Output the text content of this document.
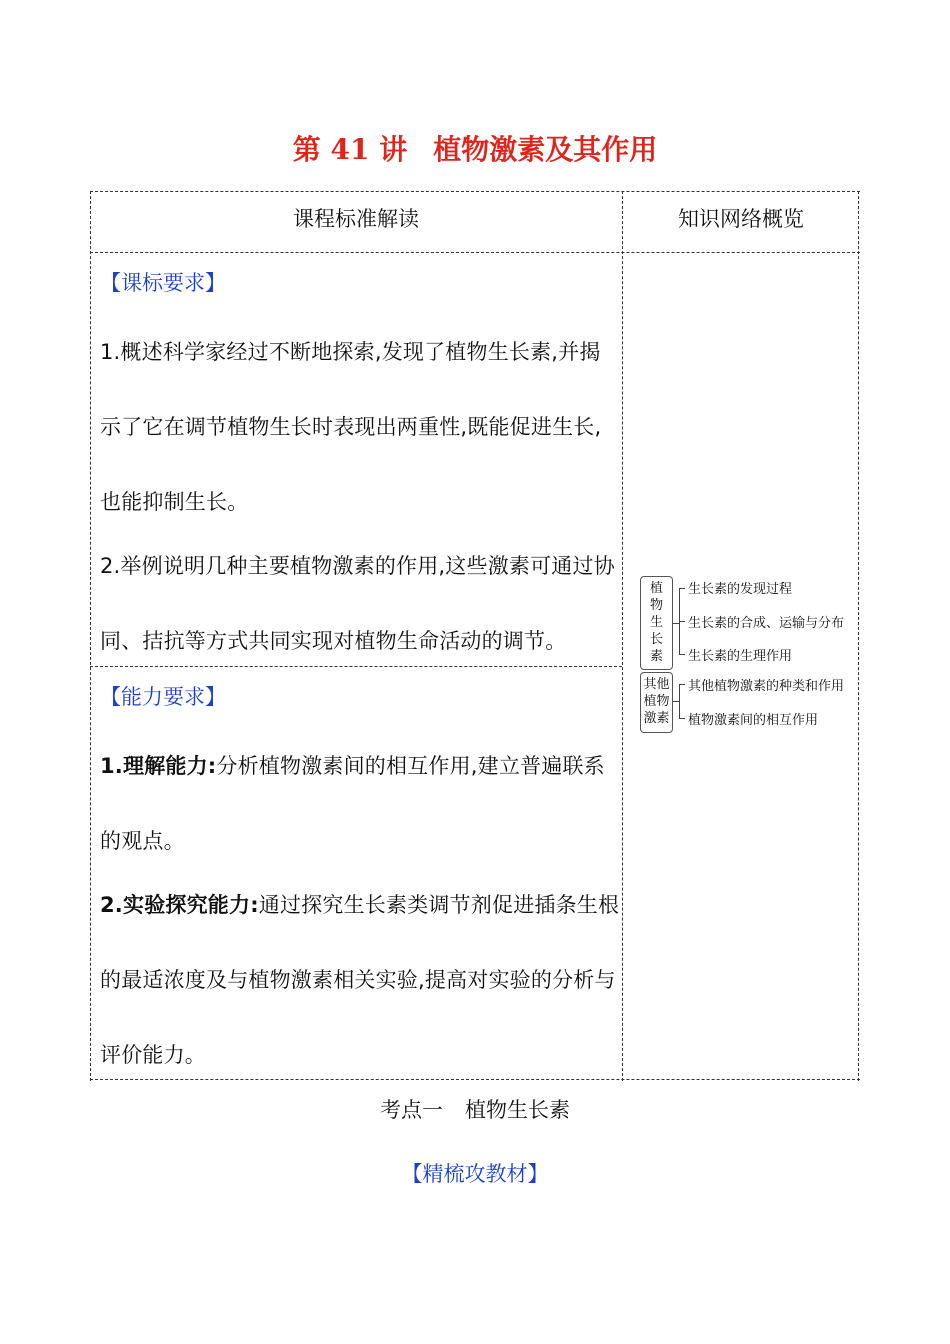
第 41 讲 植物激素及其作用
课程标准解读	知识网络概览
【课标要求】
1.概述科学家经过不断地探索,发现了植物生长素,并揭示了它在调节植物生长时表现出两重性,既能促进生长,也能抑制生长。
2.举例说明几种主要植物激素的作用,这些激素可通过协同、拮抗等方式共同实现对植物生命活动的调节。
【能力要求】
1.理解能力:分析植物激素间的相互作用,建立普遍联系的观点。
2.实验探究能力:通过探究生长素类调节剂促进插条生根的最适浓度及与植物激素相关实验,提高对实验的分析与评价能力。
植物生长素
生长素的发现过程
生长素的合成、运输与分布
生长素的生理作用
其他植物激素
其他植物激素的种类和作用
植物激素间的相互作用
考点一 植物生长素
【精梳攻教材】
